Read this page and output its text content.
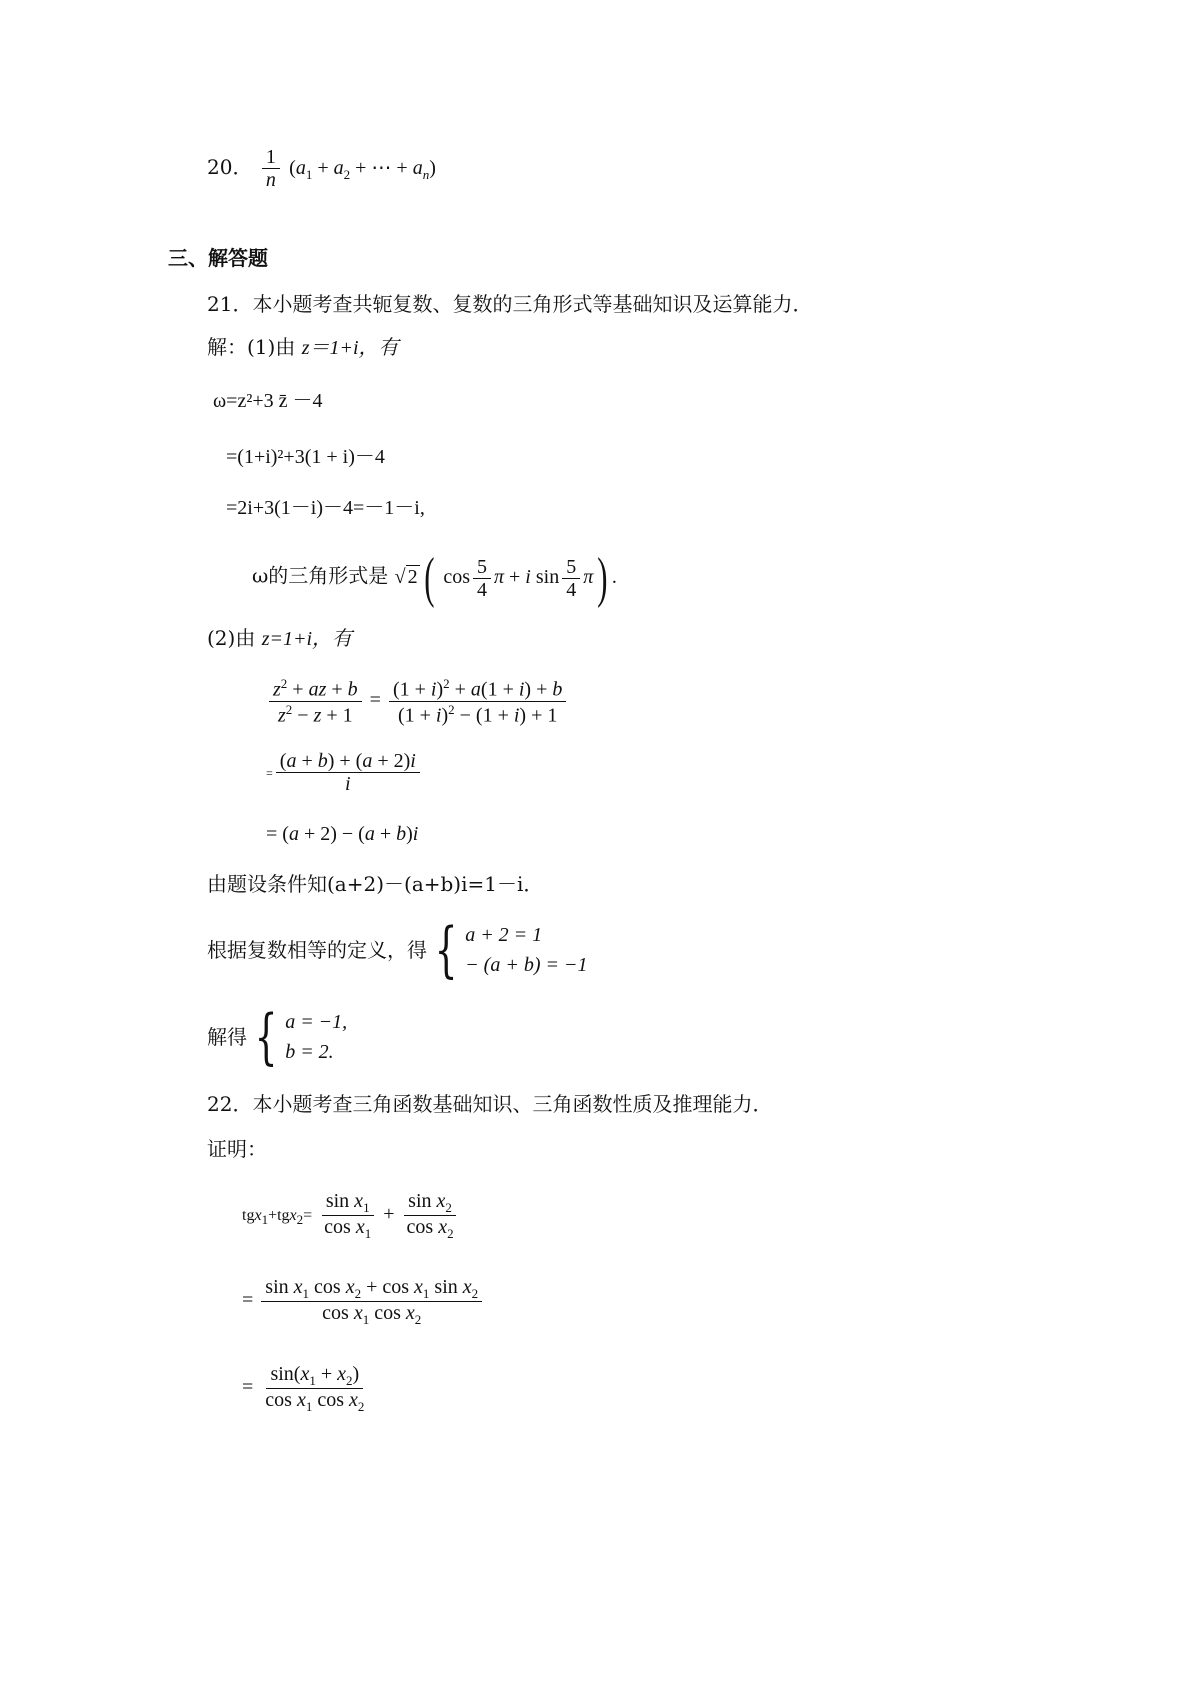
20． $\frac{1}{n} (a_1 + a_2$ + ⋯ + $a_n$)
三、解答题
21．本小题考查共轭复数、复数的三角形式等基础知识及运算能力．
解：(1)由 z＝1+i，有
ω=z²+3 z̄ －4
=(1+i)²+3(1 + i)－4
=2i+3(1－i)－4=－1－i,
ω的三角形式是 √ 2 ( $\cos \frac{5}{4}$ π + i $\sin \frac{5}{4} \pi$) .
(2)由 z=1+i，有
$\frac{z^2 + az + b}{z^2 - z + 1} = \frac{(1 + i)^2 + a(1 + i) + b}{(1 + i)^2 - (1 + i) + 1}$
= $\frac{(a + b) + (a + 2)i}{i}$
= (a + 2) − (a + b)i
由题设条件知(a+2)－(a+b)i=1－i．
根据复数相等的定义，得 { a + 2 = 1
− (a + b) = −1
解得 { a = −1,
b = 2.
22．本小题考查三角函数基础知识、三角函数性质及推理能力．
证明：
$tgx_1+tgx_2= \frac{\sin x_1}{\cos x_1} + \frac{\sin x_2}{\cos x_2}$
= $\frac{\sin x_1 \cos x_2 + \cos x_1 \sin x_2}{\cos x_1 \cos x_2}$
= $\frac{\sin(x_1 + x_2)}{\cos x_1 \cos x_2}$
